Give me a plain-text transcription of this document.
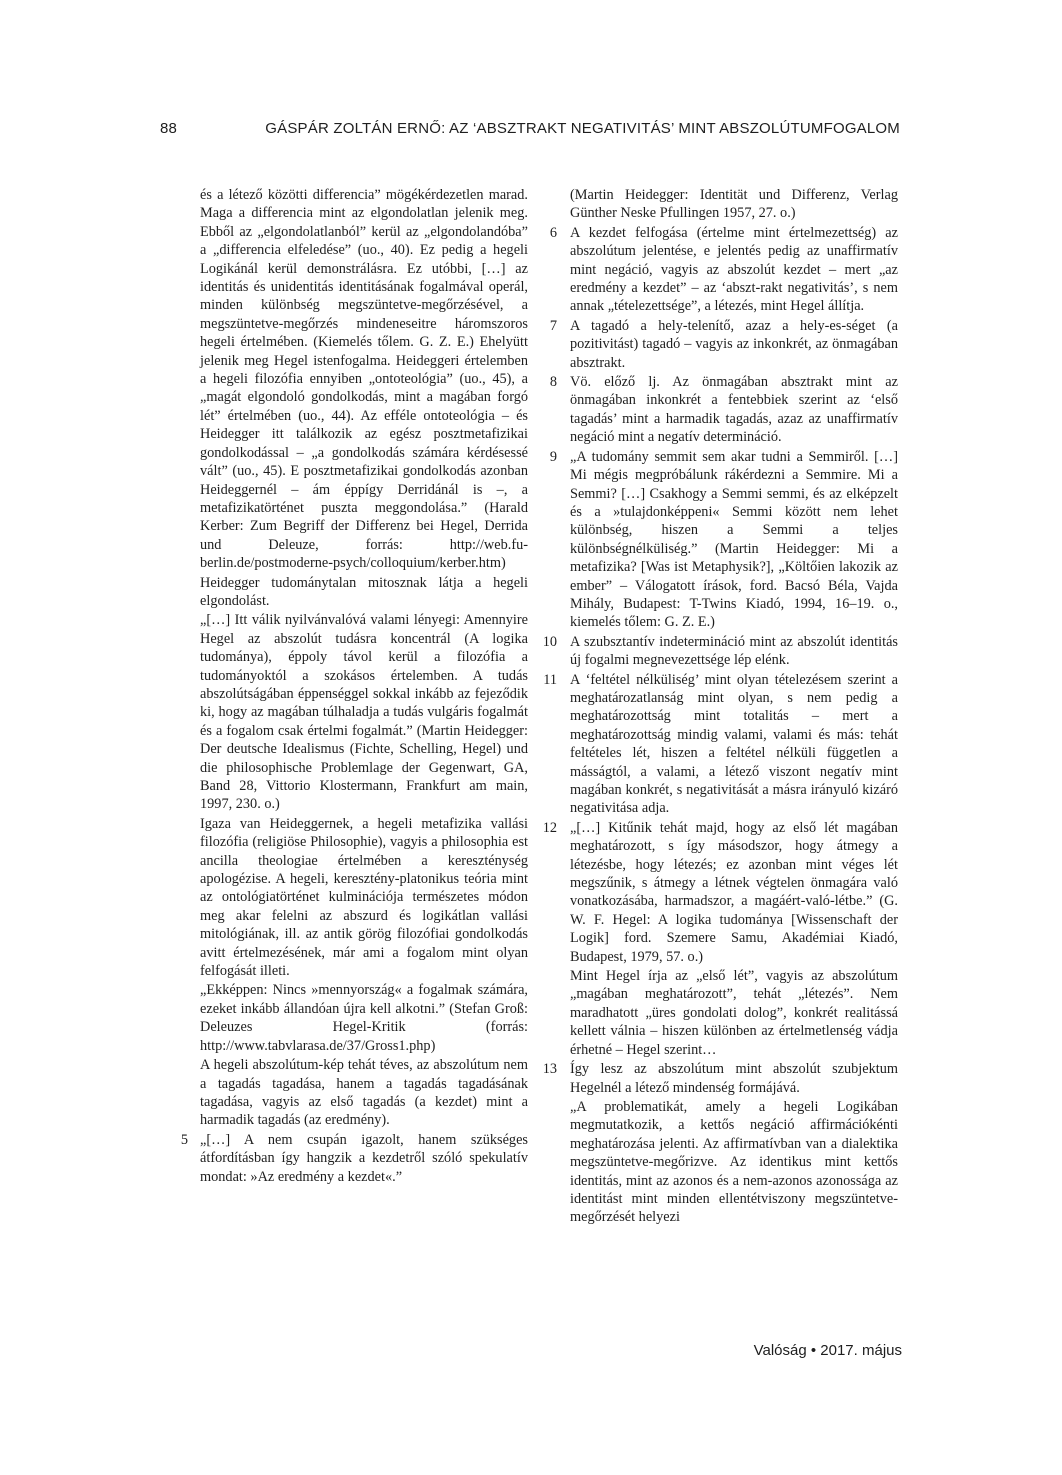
88	GÁSPÁR ZOLTÁN ERNŐ: AZ ‘ABSZTRAKT NEGATIVITÁS’ MINT ABSZOLÚTUMFOGALOM

és a létező közötti differencia” mögékérdezetlen marad. Maga a differencia mint az elgondolatlan jelenik meg. Ebből az „elgondolatlanból” kerül az „elgondolandóba” a „differencia elfeledése” (uo., 40). Ez pedig a hegeli Logikánál kerül demonstrálásra. Ez utóbbi, […] az identitás és unidentitás identitásának fogalmával operál, minden különbség megszüntetve-megőrzésével, a megszüntetve-megőrzés mindeneseitre háromszoros hegeli értelmében. (Kiemelés tőlem. G. Z. E.) Ehelyütt jelenik meg Hegel istenfogalma. Heideggeri értelemben a hegeli filozófia ennyiben „ontoteológia” (uo., 45), a „magát elgondoló gondolkodás, mint a magában forgó lét” értelmében (uo., 44). Az efféle ontoteológia – és Heidegger itt találkozik az egész posztmetafizikai gondolkodással – „a gondolkodás számára kérdésessé vált” (uo., 45). E posztmetafizikai gondolkodás azonban Heideggernél – ám éppígy Derridánál is –, a metafizikatörténet puszta meggondolása.” (Harald Kerber: Zum Begriff der Differenz bei Hegel, Derrida und Deleuze, forrás: http://web.fu-berlin.de/postmoderne-psych/colloquium/kerber.htm)

Heidegger tudománytalan mitosznak látja a hegeli elgondolást.

„[…] Itt válik nyilvánvalóvá valami lényegi: Amennyire Hegel az abszolút tudásra koncentrál (A logika tudománya), éppoly távol kerül a filozófia a tudományoktól a szokásos értelemben. A tudás abszolútságában éppenséggel sokkal inkább az fejeződik ki, hogy az magában túlhaladja a tudás vulgáris fogalmát és a fogalom csak értelmi fogalmát.” (Martin Heidegger: Der deutsche Idealismus (Fichte, Schelling, Hegel) und die philosophische Problemlage der Gegenwart, GA, Band 28, Vittorio Klostermann, Frankfurt am main, 1997, 230. o.)

Igaza van Heideggernek, a hegeli metafizika vallási filozófia (religiöse Philosophie), vagyis a philosophia est ancilla theologiae értelmében a kereszténység apologézise. A hegeli, keresztény-platonikus teória mint az ontológiatörténet kulminációja természetes módon meg akar felelni az abszurd és logikátlan vallási mitológiának, ill. az antik görög filozófiai gondolkodás avitt értelmezésének, már ami a fogalom mint olyan felfogását illeti.

„Ekképpen: Nincs »mennyország« a fogalmak számára, ezeket inkább állandóan újra kell alkotni.” (Stefan Groß: Deleuzes Hegel-Kritik (forrás: http://www.tabvlarasa.de/37/Gross1.php)

A hegeli abszolútum-kép tehát téves, az abszolútum nem a tagadás tagadása, hanem a tagadás tagadásának tagadása, vagyis az első tagadás (a kezdet) mint a harmadik tagadás (az eredmény).

5 „[…] A nem csupán igazolt, hanem szükséges átfordításban így hangzik a kezdetről szóló spekulatív mondat: »Az eredmény a kezdet«.”

(Martin Heidegger: Identität und Differenz, Verlag Günther Neske Pfullingen 1957, 27. o.)

6 A kezdet felfogása (értelme mint értelmezettség) az abszolútum jelentése, e jelentés pedig az unaffirmatív mint negáció, vagyis az abszolút kezdet – mert „az eredmény a kezdet” – az ‘abszt-rakt negativitás’, s nem annak „tételezettsége”, a létezés, mint Hegel állítja.

7 A tagadó a hely-telenítő, azaz a hely-es-séget (a pozitivitást) tagadó – vagyis az inkonkrét, az önmagában absztrakt.

8 Vö. előző lj. Az önmagában absztrakt mint az önmagában inkonkrét a fentebbiek szerint az ‘első tagadás’ mint a harmadik tagadás, azaz az unaffirmatív negáció mint a negatív determináció.

9 „A tudomány semmit sem akar tudni a Semmiről. […] Mi mégis megpróbálunk rákérdezni a Semmire. Mi a Semmi? […] Csakhogy a Semmi semmi, és az elképzelt és a »tulajdonképpeni« Semmi között nem lehet különbség, hiszen a Semmi a teljes különbségnélküliség.” (Martin Heidegger: Mi a metafizika? [Was ist Metaphysik?], „Költőien lakozik az ember” – Válogatott írások, ford. Bacsó Béla, Vajda Mihály, Budapest: T-Twins Kiadó, 1994, 16–19. o., kiemelés tőlem: G. Z. E.)

10 A szubsztantív indetermináció mint az abszolút identitás új fogalmi megnevezettsége lép elénk.

11 A ‘feltétel nélküliség’ mint olyan tételezésem szerint a meghatározatlanság mint olyan, s nem pedig a meghatározottság mint totalitás – mert a meghatározottság mindig valami, valami és más: tehát feltételes lét, hiszen a feltétel nélküli független a másságtól, a valami, a létező viszont negatív mint magában konkrét, s negativitását a másra irányuló kizáró negativitása adja.

12 „[…] Kitűnik tehát majd, hogy az első lét magában meghatározott, s így másodszor, hogy átmegy a létezésbe, hogy létezés; ez azonban mint véges lét megszűnik, s átmegy a létnek végtelen önmagára való vonatkozásába, harmadszor, a magáért-való-létbe.” (G. W. F. Hegel: A logika tudománya [Wissenschaft der Logik] ford. Szemere Samu, Akadémiai Kiadó, Budapest, 1979, 57. o.)

Mint Hegel írja az „első lét”, vagyis az abszolútum „magában meghatározott”, tehát „létezés”. Nem maradhatott „üres gondolati dolog”, konkrét realitássá kellett válnia – hiszen különben az értelmetlenség vádja érhetné – Hegel szerint…

13 Így lesz az abszolútum mint abszolút szubjektum Hegelnél a létező mindenség formájává.

„A problematikát, amely a hegeli Logikában megmutatkozik, a kettős negáció affirmációkénti meghatározása jelenti. Az affirmatívban van a dialektika megszüntetve-megőrizve. Az identikus mint kettős identitás, mint az azonos és a nem-azonos azonossága az identitást mint minden ellentétviszony megszüntetve-megőrzését helyezi

Valóság • 2017. május
